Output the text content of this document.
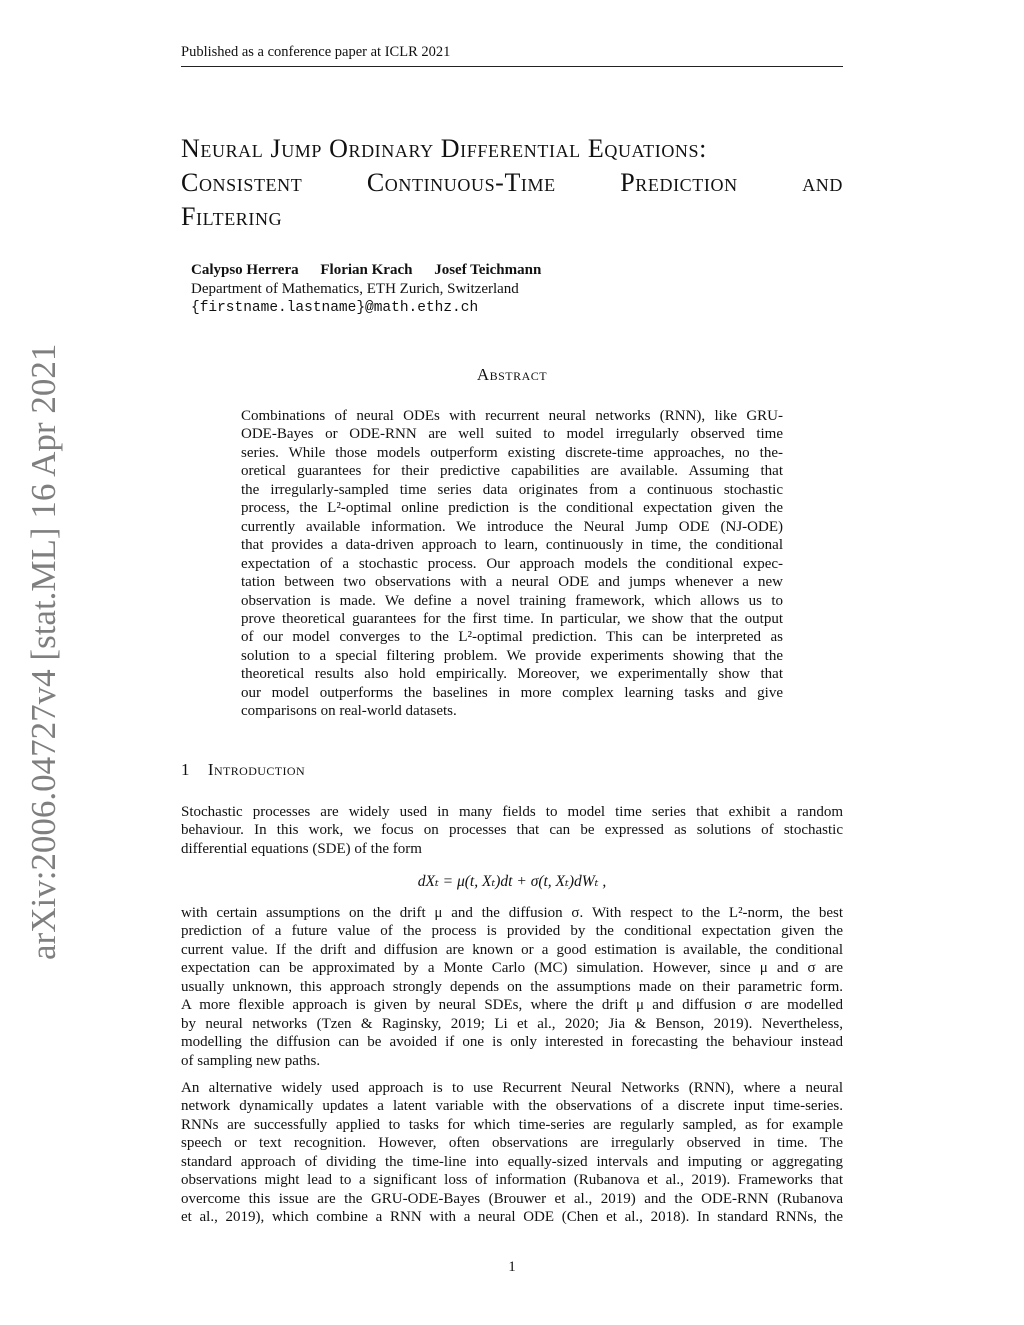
Published as a conference paper at ICLR 2021
arXiv:2006.04727v4 [stat.ML] 16 Apr 2021
Neural Jump Ordinary Differential Equations:
Consistent Continuous-Time Prediction and
Filtering
Calypso Herrera Florian Krach Josef Teichmann
Department of Mathematics, ETH Zurich, Switzerland
{firstname.lastname}@math.ethz.ch
Abstract
Combinations of neural ODEs with recurrent neural networks (RNN), like GRU-
ODE-Bayes or ODE-RNN are well suited to model irregularly observed time
series. While those models outperform existing discrete-time approaches, no the-
oretical guarantees for their predictive capabilities are available. Assuming that
the irregularly-sampled time series data originates from a continuous stochastic
process, the L²-optimal online prediction is the conditional expectation given the
currently available information. We introduce the Neural Jump ODE (NJ-ODE)
that provides a data-driven approach to learn, continuously in time, the conditional
expectation of a stochastic process. Our approach models the conditional expec-
tation between two observations with a neural ODE and jumps whenever a new
observation is made. We define a novel training framework, which allows us to
prove theoretical guarantees for the first time. In particular, we show that the output
of our model converges to the L²-optimal prediction. This can be interpreted as
solution to a special filtering problem. We provide experiments showing that the
theoretical results also hold empirically. Moreover, we experimentally show that
our model outperforms the baselines in more complex learning tasks and give
comparisons on real-world datasets.
1 Introduction
Stochastic processes are widely used in many fields to model time series that exhibit a random
behaviour. In this work, we focus on processes that can be expressed as solutions of stochastic
differential equations (SDE) of the form
dXₜ = μ(t, Xₜ)dt + σ(t, Xₜ)dWₜ ,
with certain assumptions on the drift μ and the diffusion σ. With respect to the L²-norm, the best
prediction of a future value of the process is provided by the conditional expectation given the
current value. If the drift and diffusion are known or a good estimation is available, the conditional
expectation can be approximated by a Monte Carlo (MC) simulation. However, since μ and σ are
usually unknown, this approach strongly depends on the assumptions made on their parametric form.
A more flexible approach is given by neural SDEs, where the drift μ and diffusion σ are modelled
by neural networks (Tzen & Raginsky, 2019; Li et al., 2020; Jia & Benson, 2019). Nevertheless,
modelling the diffusion can be avoided if one is only interested in forecasting the behaviour instead
of sampling new paths.
An alternative widely used approach is to use Recurrent Neural Networks (RNN), where a neural
network dynamically updates a latent variable with the observations of a discrete input time-series.
RNNs are successfully applied to tasks for which time-series are regularly sampled, as for example
speech or text recognition. However, often observations are irregularly observed in time. The
standard approach of dividing the time-line into equally-sized intervals and imputing or aggregating
observations might lead to a significant loss of information (Rubanova et al., 2019). Frameworks that
overcome this issue are the GRU-ODE-Bayes (Brouwer et al., 2019) and the ODE-RNN (Rubanova
et al., 2019), which combine a RNN with a neural ODE (Chen et al., 2018). In standard RNNs, the
1
